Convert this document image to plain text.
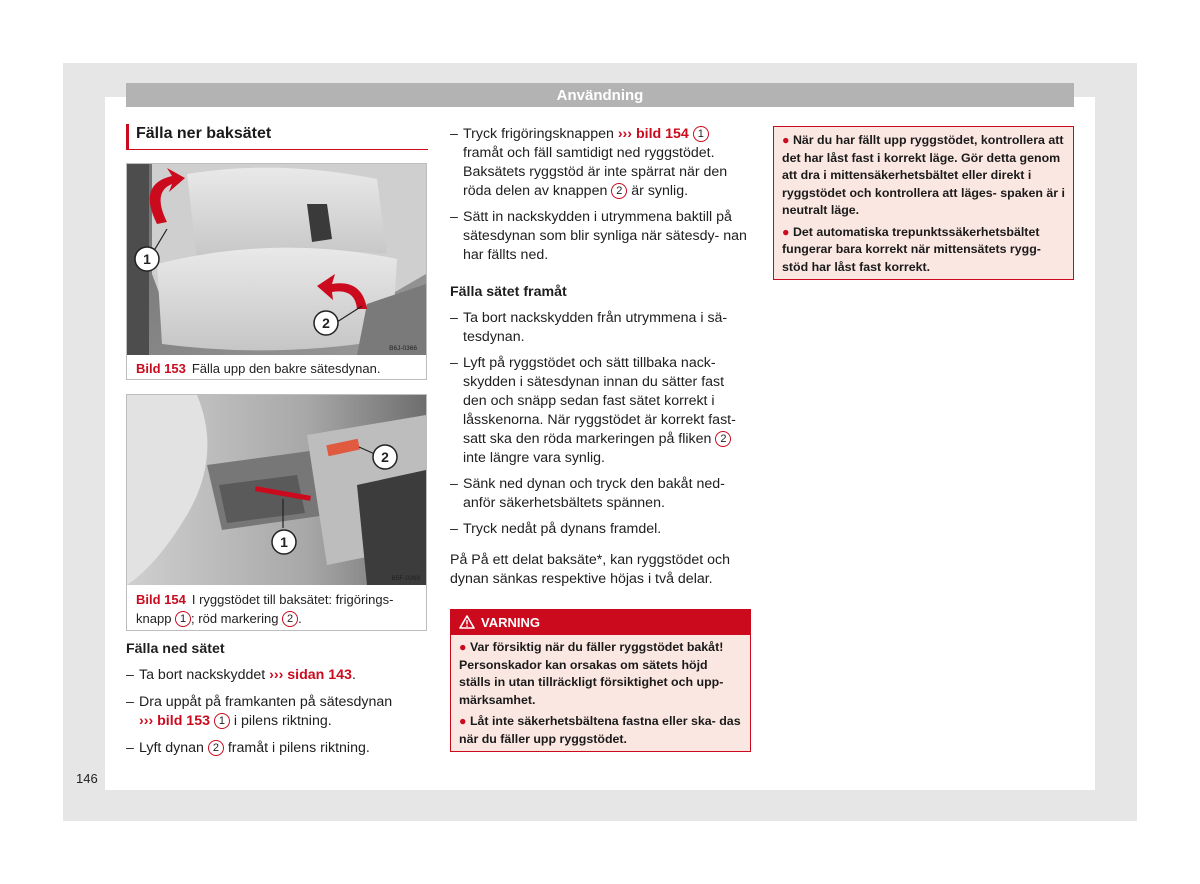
Användning
Fälla ner baksätet
1
2
B6J-0366
Bild 153 Fälla upp den bakre sätesdynan.
1
2
B5F-0369
Bild 154 I ryggstödet till baksätet: frigörings- knapp 1 ; röd markering 2 .
Fälla ned sätet
– Ta bort nackskyddet ››› sidan 143.

– Dra uppåt på framkanten på sätesdynan
››› bild 153 1 i pilens riktning.

– Lyft dynan 2 framåt i pilens riktning.

– Tryck frigöringsknappen ››› bild 154 1 framåt och fäll samtidigt ned ryggstödet. Baksätets ryggstöd är inte spärrat när den röda delen av knappen 2 är synlig.

– Sätt in nackskydden i utrymmena baktill på sätesdynan som blir synliga när sätesdy- nan har fällts ned.

Fälla sätet framåt
– Ta bort nackskydden från utrymmena i sä- tesdynan.

– Lyft på ryggstödet och sätt tillbaka nack- skydden i sätesdynan innan du sätter fast den och snäpp sedan fast sätet korrekt i låsskenorna. När ryggstödet är korrekt fast- satt ska den röda markeringen på fliken 2 inte längre vara synlig.

– Sänk ned dynan och tryck den bakåt ned- anför säkerhetsbältets spännen.

– Tryck nedåt på dynans framdel.

På På ett delat baksäte*, kan ryggstödet och dynan sänkas respektive höjas i två delar.

VARNING

● Var försiktig när du fäller ryggstödet bakåt! Personskador kan orsakas om sätets höjd ställs in utan tillräckligt försiktighet och upp- märksamhet.

● Låt inte säkerhetsbältena fastna eller ska- das när du fäller upp ryggstödet.

● När du har fällt upp ryggstödet, kontrollera att det har låst fast i korrekt läge. Gör detta genom att dra i mittensäkerhetsbältet eller direkt i ryggstödet och kontrollera att läges- spaken är i neutralt läge.

● Det automatiska trepunktssäkerhetsbältet fungerar bara korrekt när mittensätets rygg- stöd har låst fast korrekt.

146
